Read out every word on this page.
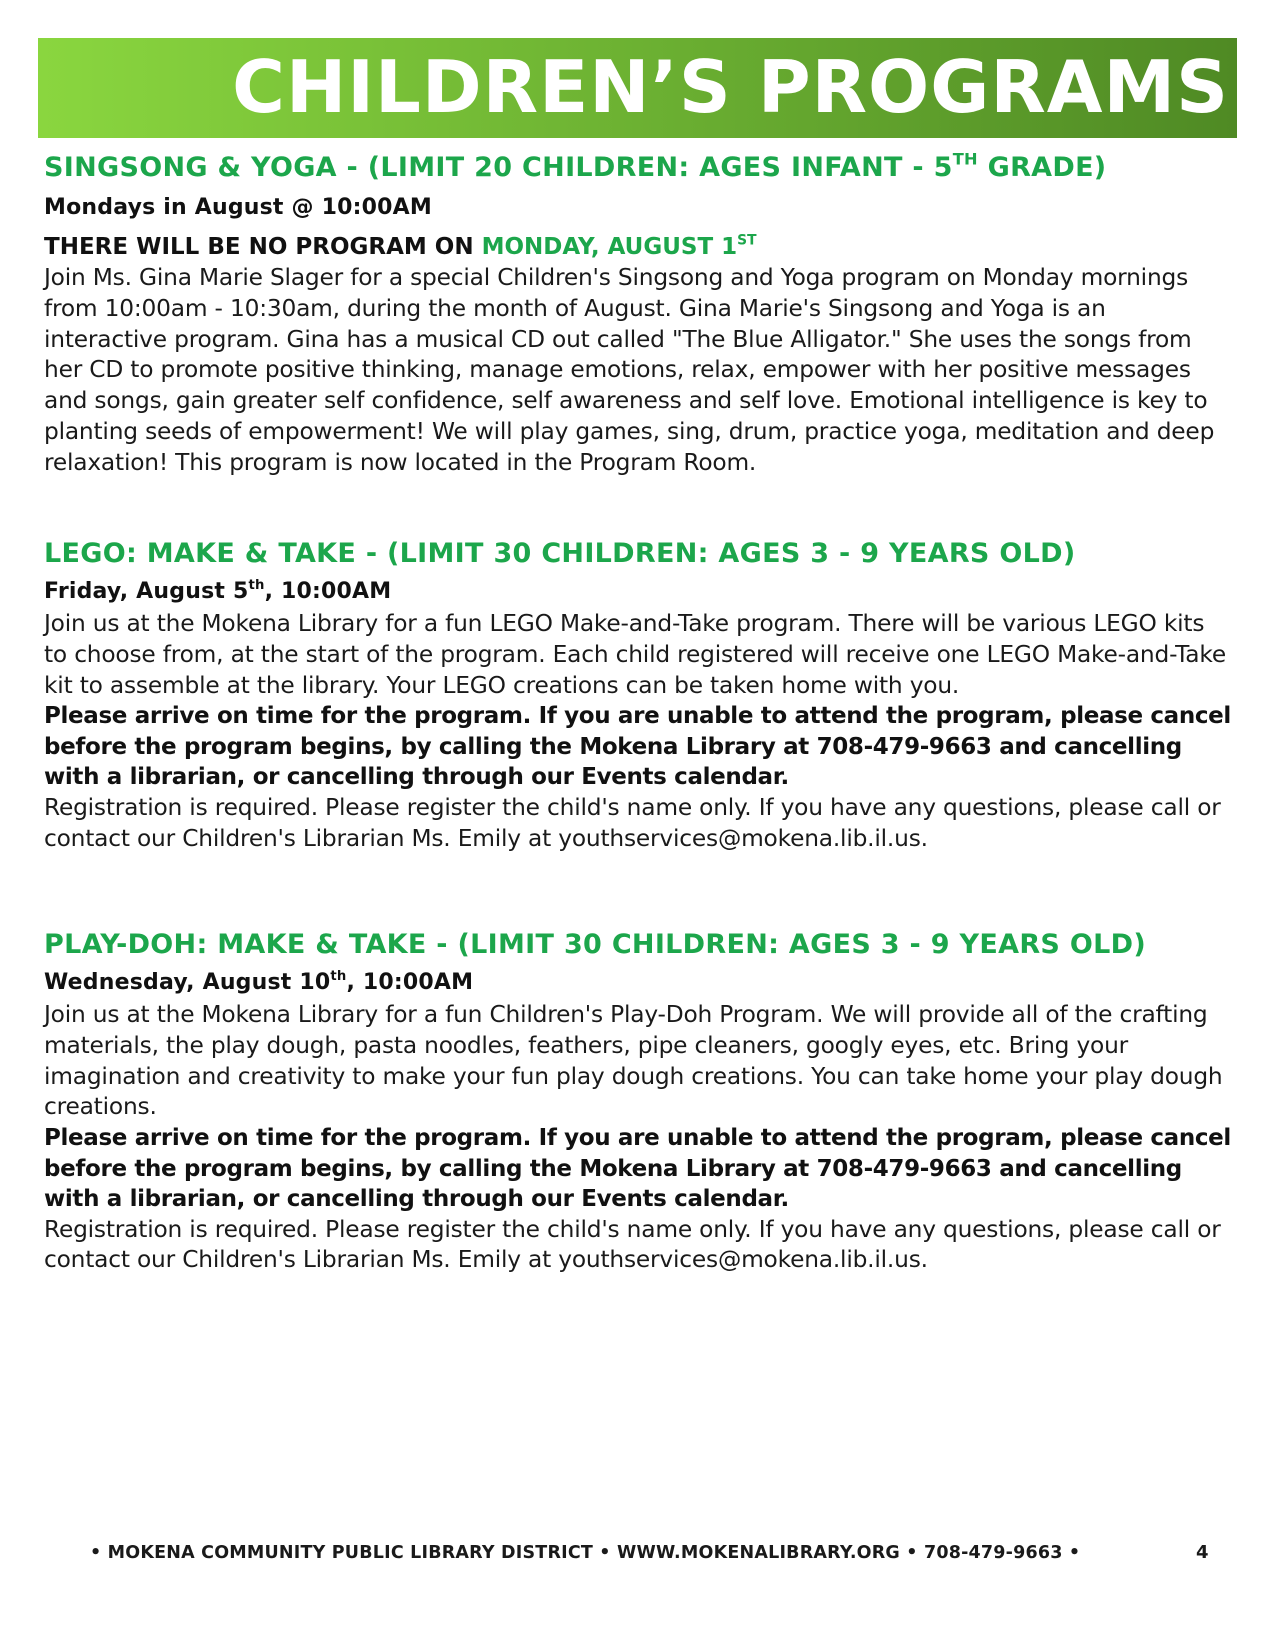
CHILDREN’S PROGRAMS
SINGSONG & YOGA - (LIMIT 20 CHILDREN: AGES INFANT - 5TH GRADE)
Mondays in August @ 10:00AM
THERE WILL BE NO PROGRAM ON MONDAY, AUGUST 1ST
Join Ms. Gina Marie Slager for a special Children's Singsong and Yoga program on Monday mornings from 10:00am - 10:30am, during the month of August. Gina Marie's Singsong and Yoga is an interactive program. Gina has a musical CD out called "The Blue Alligator." She uses the songs from her CD to promote positive thinking, manage emotions, relax, empower with her positive messages and songs, gain greater self confidence, self awareness and self love. Emotional intelligence is key to planting seeds of empowerment! We will play games, sing, drum, practice yoga, meditation and deep relaxation! This program is now located in the Program Room.
LEGO: MAKE & TAKE - (LIMIT 30 CHILDREN: AGES 3 - 9 YEARS OLD)
Friday, August 5th, 10:00AM
Join us at the Mokena Library for a fun LEGO Make-and-Take program. There will be various LEGO kits to choose from, at the start of the program. Each child registered will receive one LEGO Make-and-Take kit to assemble at the library. Your LEGO creations can be taken home with you.
Please arrive on time for the program. If you are unable to attend the program, please cancel before the program begins, by calling the Mokena Library at 708-479-9663 and cancelling with a librarian, or cancelling through our Events calendar.
Registration is required. Please register the child's name only. If you have any questions, please call or contact our Children's Librarian Ms. Emily at youthservices@mokena.lib.il.us.
PLAY-DOH: MAKE & TAKE - (LIMIT 30 CHILDREN: AGES 3 - 9 YEARS OLD)
Wednesday, August 10th, 10:00AM
Join us at the Mokena Library for a fun Children's Play-Doh Program. We will provide all of the crafting materials, the play dough, pasta noodles, feathers, pipe cleaners, googly eyes, etc. Bring your imagination and creativity to make your fun play dough creations. You can take home your play dough creations.
Please arrive on time for the program. If you are unable to attend the program, please cancel before the program begins, by calling the Mokena Library at 708-479-9663 and cancelling with a librarian, or cancelling through our Events calendar.
Registration is required. Please register the child's name only. If you have any questions, please call or contact our Children's Librarian Ms. Emily at youthservices@mokena.lib.il.us.
• MOKENA COMMUNITY PUBLIC LIBRARY DISTRICT • WWW.MOKENALIBRARY.ORG • 708-479-9663 •	4
